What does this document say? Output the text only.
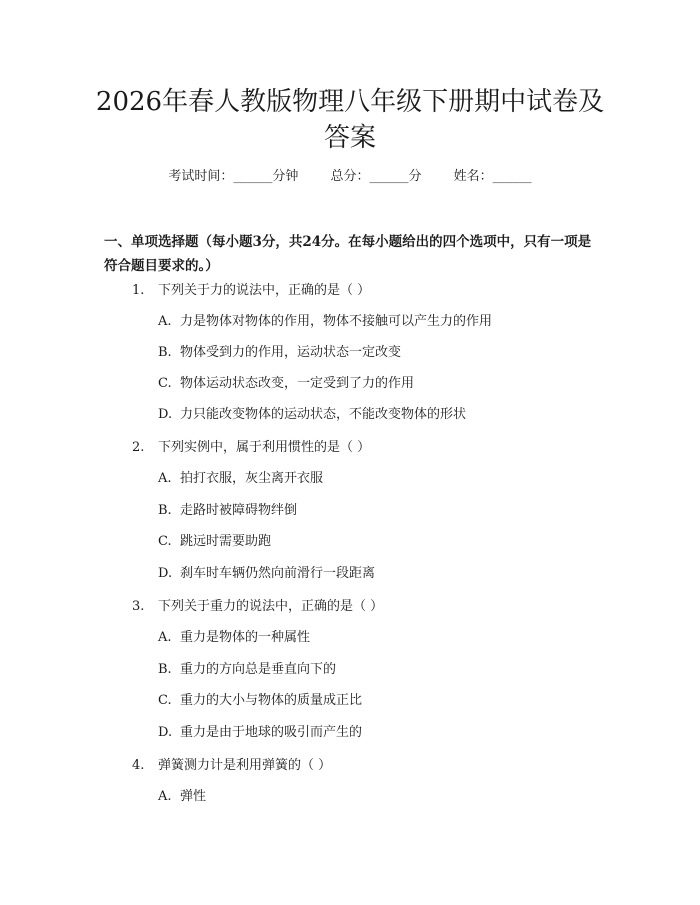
2026年春人教版物理八年级下册期中试卷及答案
考试时间：______分钟 总分：______分 姓名：______

一、单项选择题（每小题3分，共24分。在每小题给出的四个选项中，只有一项是符合题目要求的。）

1. 下列关于力的说法中，正确的是（ ）
A. 力是物体对物体的作用，物体不接触可以产生力的作用
B. 物体受到力的作用，运动状态一定改变
C. 物体运动状态改变，一定受到了力的作用
D. 力只能改变物体的运动状态，不能改变物体的形状
2. 下列实例中，属于利用惯性的是（ ）
A. 拍打衣服，灰尘离开衣服
B. 走路时被障碍物绊倒
C. 跳远时需要助跑
D. 刹车时车辆仍然向前滑行一段距离
3. 下列关于重力的说法中，正确的是（ ）
A. 重力是物体的一种属性
B. 重力的方向总是垂直向下的
C. 重力的大小与物体的质量成正比
D. 重力是由于地球的吸引而产生的
4. 弹簧测力计是利用弹簧的（ ）
A. 弹性
